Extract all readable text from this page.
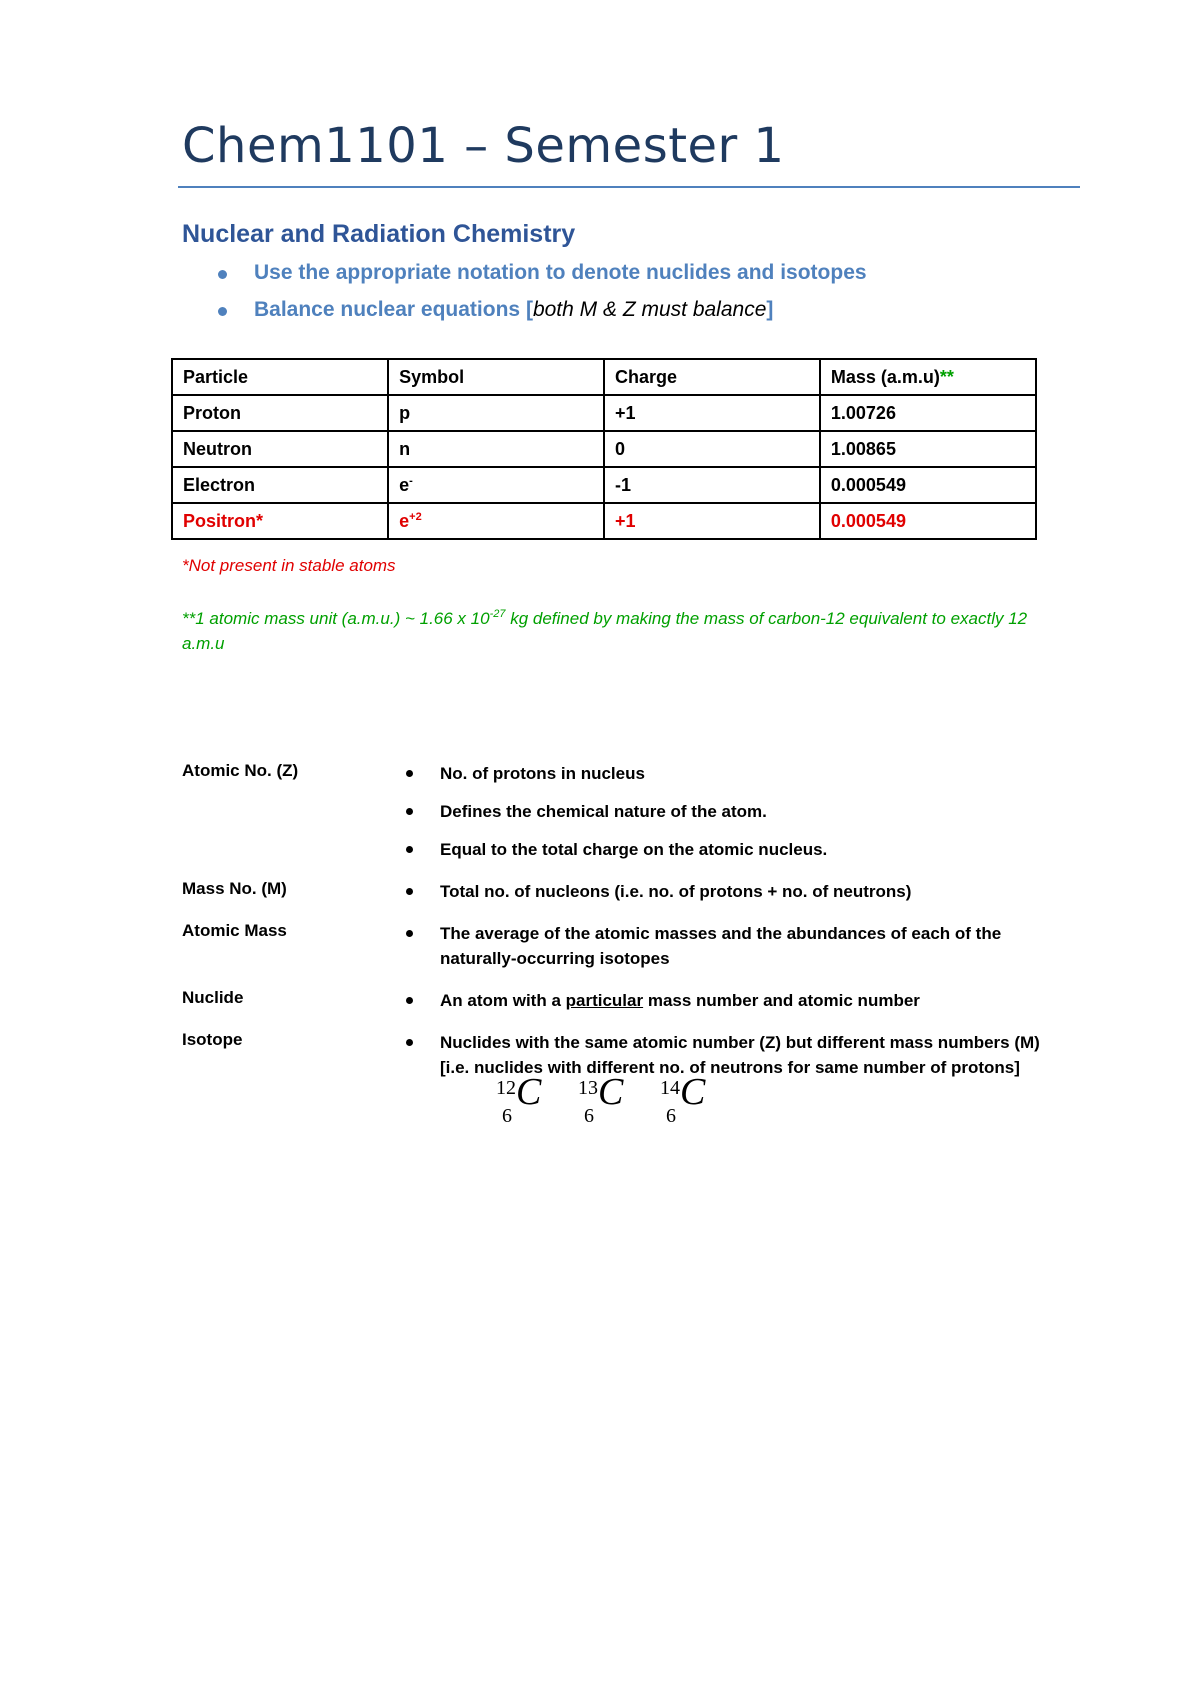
Chem1101 – Semester 1
Nuclear and Radiation Chemistry
Use the appropriate notation to denote nuclides and isotopes
Balance nuclear equations [both M & Z must balance]
Particle	Symbol	Charge	Mass (a.m.u)**
Proton	p	+1	1.00726
Neutron	n	0	1.00865
Electron	e-	-1	0.000549
Positron*	$e^{+2}$	+1	0.000549
*Not present in stable atoms
**1 atomic mass unit (a.m.u.) ~ 1.66 x $10^{-27}$ kg defined by making the mass of carbon-12 equivalent to exactly 12 a.m.u
Atomic No. (Z)	No. of protons in nucleus
Defines the chemical nature of the atom.
Equal to the total charge on the atomic nucleus.
Mass No. (M)	Total no. of nucleons (i.e. no. of protons + no. of neutrons)
Atomic Mass	The average of the atomic masses and the abundances of each of the naturally-occurring isotopes
Nuclide	An atom with a particular mass number and atomic number
Isotope	Nuclides with the same atomic number (Z) but different mass numbers (M) [i.e. nuclides with different no. of neutrons for same number of protons]
12
6
C 13
6
C 14
6
C
